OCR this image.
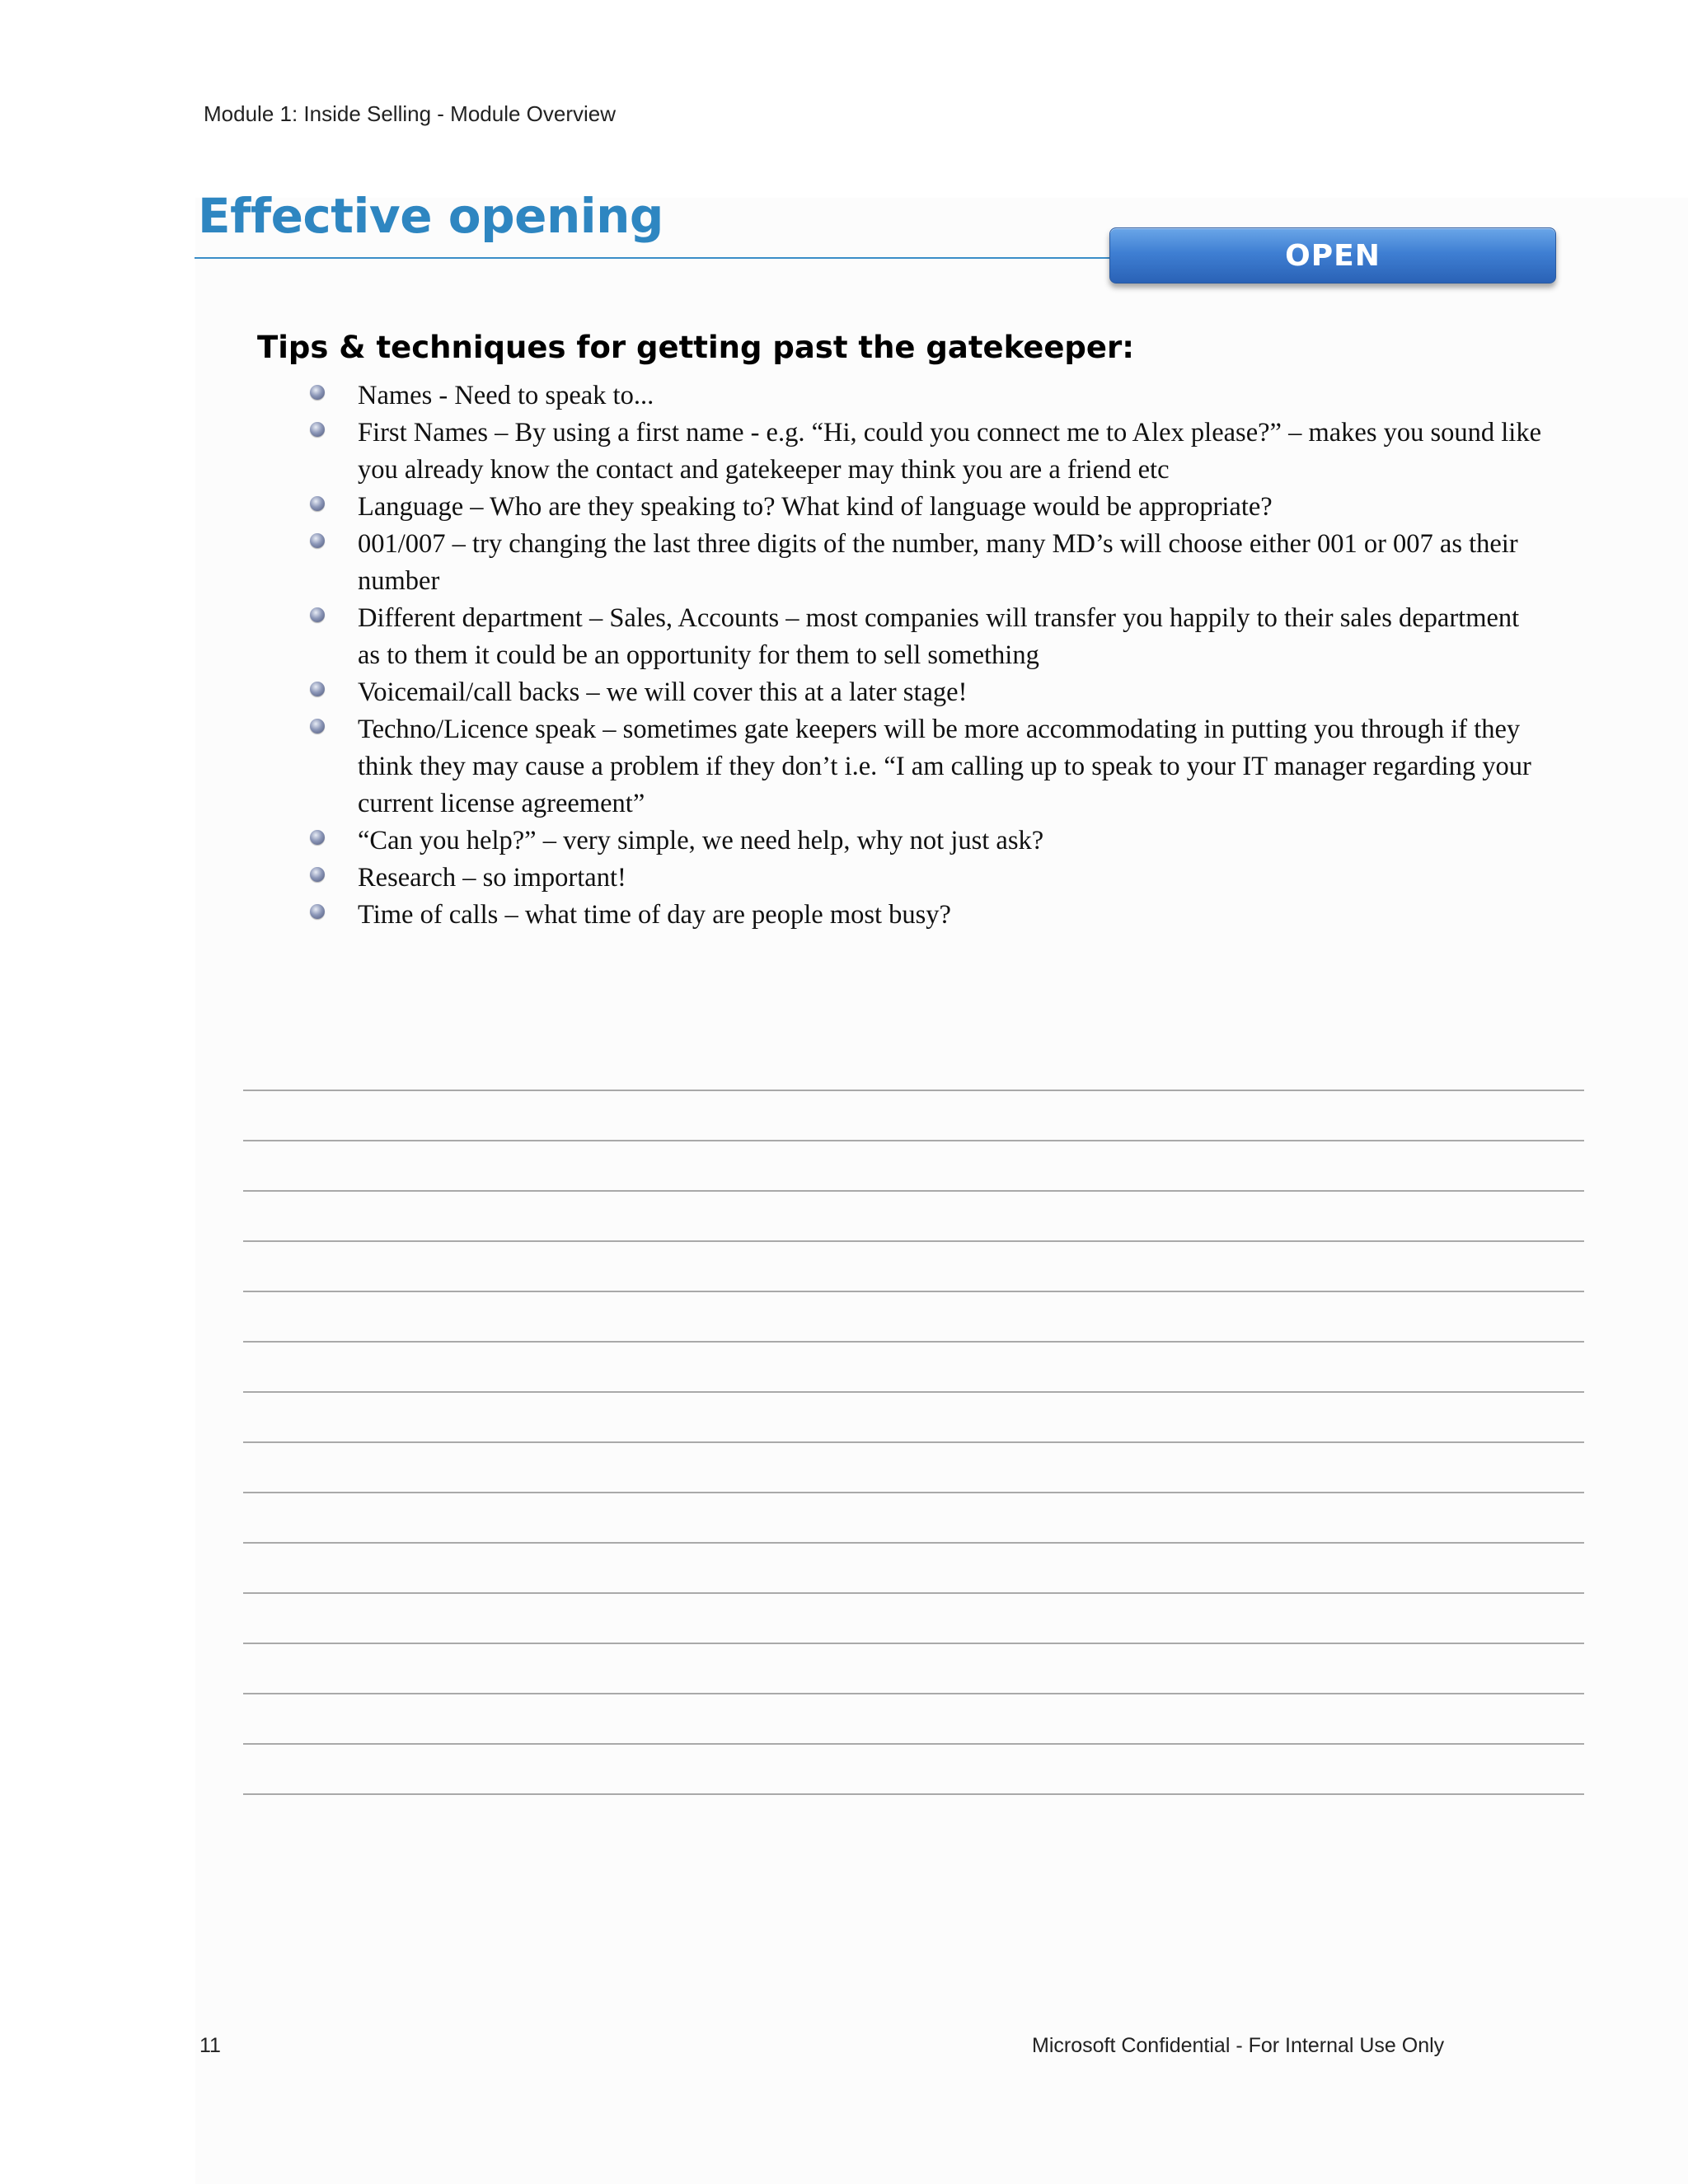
Module 1: Inside Selling - Module Overview
Effective opening
OPEN
Tips & techniques for getting past the gatekeeper:
Names - Need to speak to...
First Names – By using a first name - e.g. “Hi, could you connect me to Alex please?” – makes you sound like you already know the contact and gatekeeper may think you are a friend etc
Language – Who are they speaking to? What kind of language would be appropriate?
001/007 – try changing the last three digits of the number, many MD’s will choose either 001 or 007 as their number
Different department – Sales, Accounts – most companies will transfer you happily to their sales department as to them it could be an opportunity for them to sell something
Voicemail/call backs – we will cover this at a later stage!
Techno/Licence speak – sometimes gate keepers will be more accommodating in putting you through if they think they may cause a problem if they don’t i.e. “I am calling up to speak to your IT manager regarding your current license agreement”
“Can you help?” – very simple, we need help, why not just ask?
Research – so important!
Time of calls – what time of day are people most busy?
11	Microsoft Confidential - For Internal Use Only
